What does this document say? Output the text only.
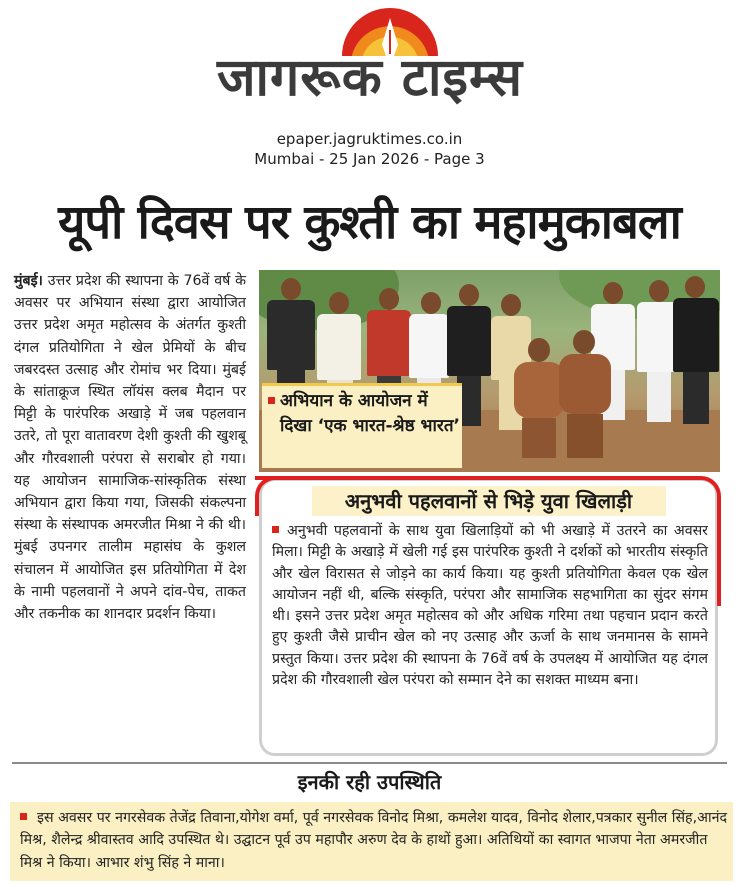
जागरूक टाइम्स
epaper.jagruktimes.co.in
Mumbai - 25 Jan 2026 - Page 3
यूपी दिवस पर कुश्ती का महामुकाबला
मुंबई। उत्तर प्रदेश की स्थापना के 76वें वर्ष के अवसर पर अभियान संस्था द्वारा आयोजित उत्तर प्रदेश अमृत महोत्सव के अंतर्गत कुश्ती दंगल प्रतियोगिता ने खेल प्रेमियों के बीच जबरदस्त उत्साह और रोमांच भर दिया। मुंबई के सांताक्रूज स्थित लॉयंस क्लब मैदान पर मिट्टी के पारंपरिक अखाड़े में जब पहलवान उतरे, तो पूरा वातावरण देशी कुश्ती की खुशबू और गौरवशाली परंपरा से सराबोर हो गया। यह आयोजन सामाजिक-सांस्कृतिक संस्था अभियान द्वारा किया गया, जिसकी संकल्पना संस्था के संस्थापक अमरजीत मिश्रा ने की थी। मुंबई उपनगर तालीम महासंघ के कुशल संचालन में आयोजित इस प्रतियोगिता में देश के नामी पहलवानों ने अपने दांव-पेच, ताकत और तकनीक का शानदार प्रदर्शन किया।
अभियान के आयोजन में दिखा ‘एक भारत-श्रेष्ठ भारत’
अनुभवी पहलवानों से भिड़े युवा खिलाड़ी
अनुभवी पहलवानों के साथ युवा खिलाड़ियों को भी अखाड़े में उतरने का अवसर मिला। मिट्टी के अखाड़े में खेली गई इस पारंपरिक कुश्ती ने दर्शकों को भारतीय संस्कृति और खेल विरासत से जोड़ने का कार्य किया। यह कुश्ती प्रतियोगिता केवल एक खेल आयोजन नहीं थी, बल्कि संस्कृति, परंपरा और सामाजिक सहभागिता का सुंदर संगम थी। इसने उत्तर प्रदेश अमृत महोत्सव को और अधिक गरिमा तथा पहचान प्रदान करते हुए कुश्ती जैसे प्राचीन खेल को नए उत्साह और ऊर्जा के साथ जनमानस के सामने प्रस्तुत किया। उत्तर प्रदेश की स्थापना के 76वें वर्ष के उपलक्ष्य में आयोजित यह दंगल प्रदेश की गौरवशाली खेल परंपरा को सम्मान देने का सशक्त माध्यम बना।
इनकी रही उपस्थिति
इस अवसर पर नगरसेवक तेजेंद्र तिवाना,योगेश वर्मा, पूर्व नगरसेवक विनोद मिश्रा, कमलेश यादव, विनोद शेलार,पत्रकार सुनील सिंह,आनंद मिश्र, शैलेन्द्र श्रीवास्तव आदि उपस्थित थे। उद्घाटन पूर्व उप महापौर अरुण देव के हाथों हुआ। अतिथियों का स्वागत भाजपा नेता अमरजीत मिश्र ने किया। आभार शंभु सिंह ने माना।
